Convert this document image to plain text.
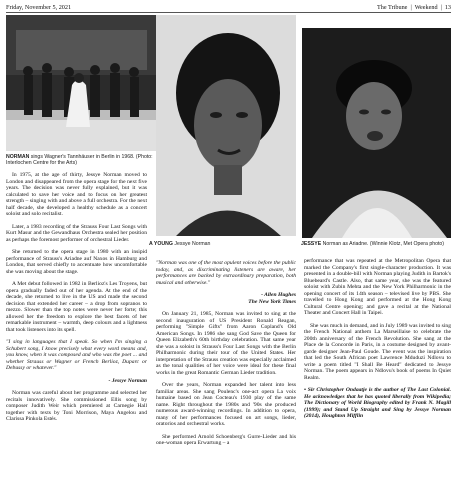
Friday, November 5, 2021	The Tribune | Weekend | 13
NORMAN sings Wagner's Tannhäuser in Berlin in 1968. (Photo: Interlochen Centre for the Arts)
A YOUNG Jessye Norman	JESSYE Norman as Ariadne. (Winnie Klotz, Met Opera photo)

In 1975, at the age of thirty, Jessye Norman moved to London and disappeared from the opera stage for the next five years. The decision was never fully explained, but it was calculated to save her voice and to focus on her greatest strength – singing with and above a full orchestra. For the next half decade, she developed a healthy schedule as a concert soloist and solo recitalist.

Later, a 1983 recording of the Strauss Four Last Songs with Kurt Masur and the Gewandhaus Orchestra sealed her position as perhaps the foremost performer of orchestral Lieder.

She returned to the opera stage in 1980 with an insipid performance of Strauss's Ariadne auf Naxos in Hamburg and London, that served chiefly to accentuate how uncomfortable she was moving about the stage.

A Met debut followed in 1982 in Berlioz's Les Troyens, but opera gradually faded out of her agenda. At the end of the decade, she returned to live in the US and made the second decision that extended her career – a drop from sopranos to mezzo. Slower than the top notes were never her forte; this allowed her the freedom to explore the best facets of her remarkable instrument – warmth, deep colours and a lightness that took listeners into its spell.

"I sing in languages that I speak. So when I'm singing a Schubert song, I know precisely what every word means and, you know, when it was composed and who was the poet ... and whether Strauss or Wagner or French Berlioz, Duparc or Debussy or whatever."

- Jessye Norman

Norman was careful about her programme and selected her recitals innovatively. She commissioned Ellis song by composer Judith Weir which premiered at Carnegie Hall together with texts by Toni Morrison, Maya Angelou and Clarissa Pinkola Estés.

"Norman was one of the most opulent voices before the public today, and, as discriminating listeners are aware, her performances are backed by extraordinary preparation, both musical and otherwise."

- Allen Hughes
The New York Times

On January 21, 1985, Norman was invited to sing at the second inauguration of US President Ronald Reagan, performing "Simple Gifts" from Aaron Copland's Old American Songs. In 1986 she sang God Save the Queen for Queen Elizabeth's 60th birthday celebration. That same year she was a soloist in Strauss's Four Last Songs with the Berlin Philharmonic during their tour of the United States. Her interpretation of the Strauss creation was especially acclaimed as the tonal qualities of her voice were ideal for these final works in the great Romantic German Lieder tradition.

Over the years, Norman expanded her talent into less familiar areas. She sang Poulenc's one-act opera La voix humaine based on Jean Cocteau's 1930 play of the same name. Right throughout the 1980s and '90s she produced numerous award-winning recordings. In addition to opera, many of her performances focused on art songs, lieder, oratorios and orchestral works.

She performed Arnold Schoenberg's Gurre-Lieder and his one-woman opera Erwartung – a

performance that was repeated at the Metropolitan Opera that marked the Company's first single-character production. It was presented in a double-bill with Norman playing Judith in Bartok's Bluebeard's Castle. Also, that same year, she was the featured soloist with Zubin Mehta and the New York Philharmonic in the opening concert of its 14th season – televised live by PBS. She travelled to Hong Kong and performed at the Hong Kong Cultural Centre opening; and gave a recital at the National Theater and Concert Hall in Taipei.

She was much in demand, and in July 1989 was invited to sing the French National anthem La Marseillaise to celebrate the 200th anniversary of the French Revolution. She sang at the Place de la Concorde in Paris, in a costume designed by avant-garde designer Jean-Paul Goude. The event was the inspiration that led the South African poet Lawrence Mduduzi Ndlovu to write a poem titled "I Shall Be Heard" dedicated to Jessye Norman. The poem appears in Ndlovu's book of poems In Quiet Realm.

• Sir Christopher Ondaatje is the author of The Last Colonial. He acknowledges that he has quoted liberally from Wikipedia; The Dictionary of World Biography edited by Frank N. Magill (1999); and Stand Up Straight and Sing by Jessye Norman (2014), Houghton Mifflin
